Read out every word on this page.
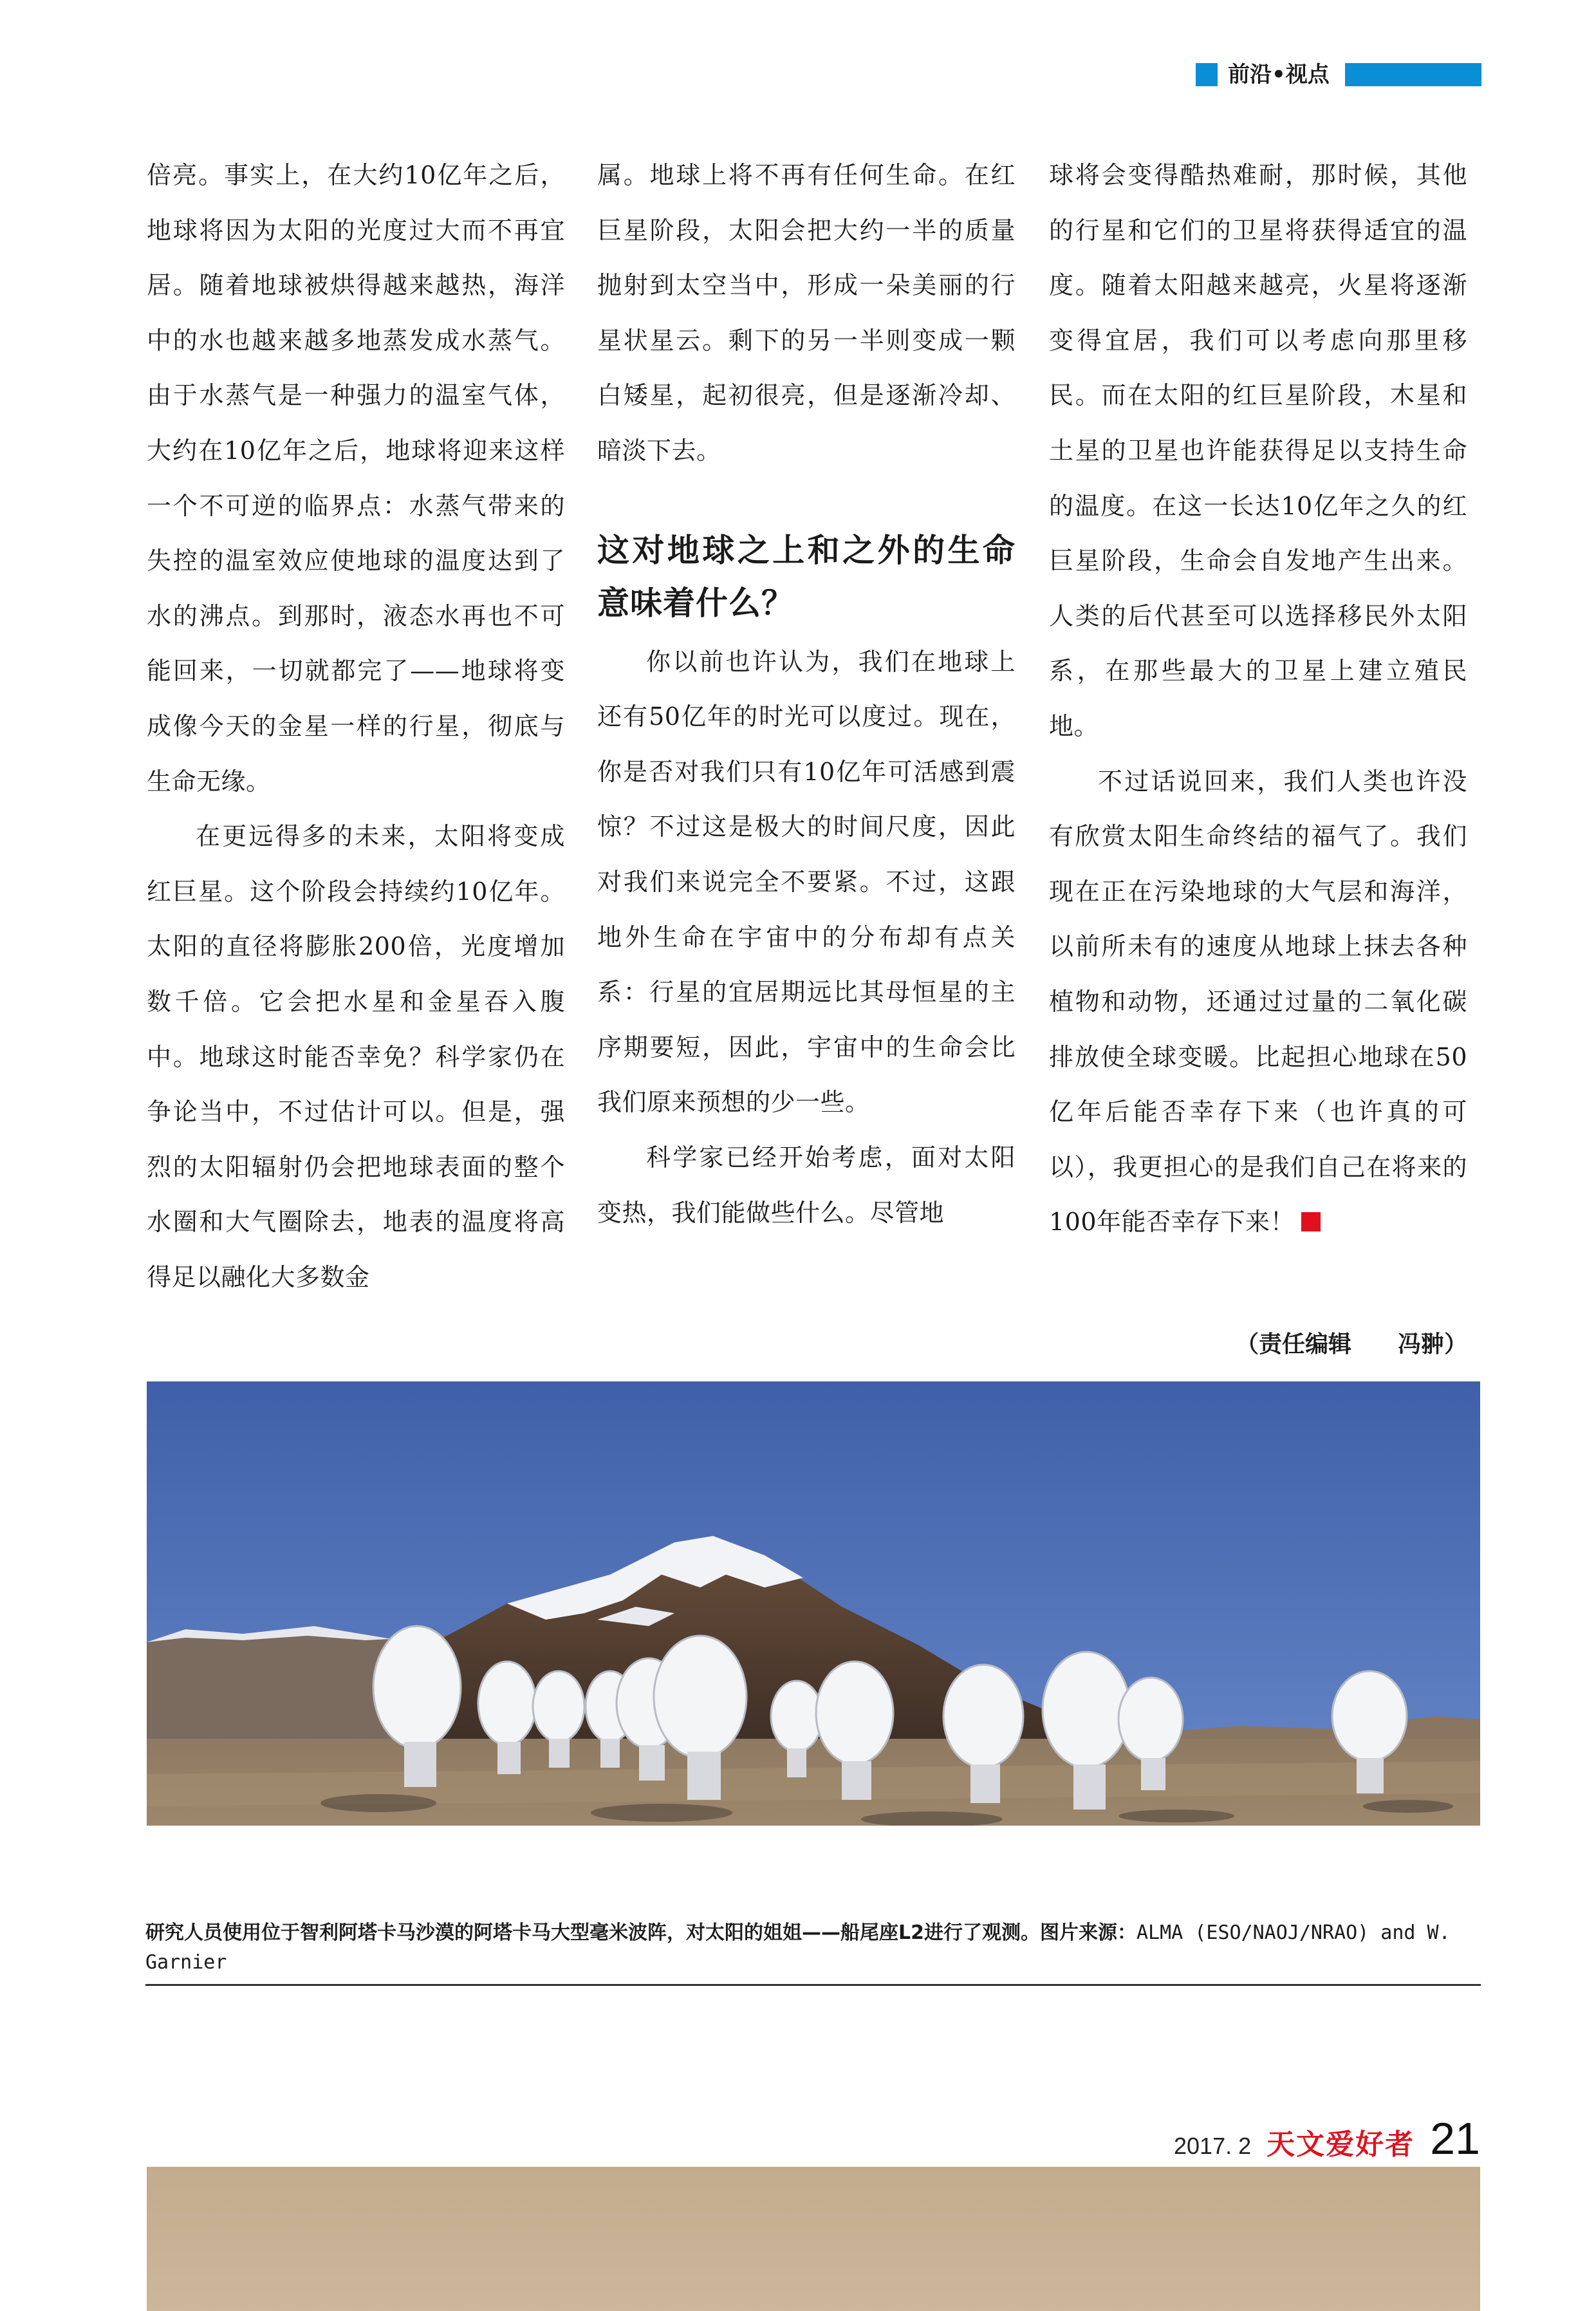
前沿•视点

倍亮。事实上，在大约10亿年之后，地球将因为太阳的光度过大而不再宜居。随着地球被烘得越来越热，海洋中的水也越来越多地蒸发成水蒸气。由于水蒸气是一种强力的温室气体，大约在10亿年之后，地球将迎来这样一个不可逆的临界点：水蒸气带来的失控的温室效应使地球的温度达到了水的沸点。到那时，液态水再也不可能回来，一切就都完了——地球将变成像今天的金星一样的行星，彻底与生命无缘。

在更远得多的未来，太阳将变成红巨星。这个阶段会持续约10亿年。太阳的直径将膨胀200倍，光度增加数千倍。它会把水星和金星吞入腹中。地球这时能否幸免？科学家仍在争论当中，不过估计可以。但是，强烈的太阳辐射仍会把地球表面的整个水圈和大气圈除去，地表的温度将高得足以融化大多数金

属。地球上将不再有任何生命。在红巨星阶段，太阳会把大约一半的质量抛射到太空当中，形成一朵美丽的行星状星云。剩下的另一半则变成一颗白矮星，起初很亮，但是逐渐冷却、暗淡下去。

这对地球之上和之外的生命意味着什么？

你以前也许认为，我们在地球上还有50亿年的时光可以度过。现在，你是否对我们只有10亿年可活感到震惊？不过这是极大的时间尺度，因此对我们来说完全不要紧。不过，这跟地外生命在宇宙中的分布却有点关系：行星的宜居期远比其母恒星的主序期要短，因此，宇宙中的生命会比我们原来预想的少一些。

科学家已经开始考虑，面对太阳变热，我们能做些什么。尽管地

球将会变得酷热难耐，那时候，其他的行星和它们的卫星将获得适宜的温度。随着太阳越来越亮，火星将逐渐变得宜居，我们可以考虑向那里移民。而在太阳的红巨星阶段，木星和土星的卫星也许能获得足以支持生命的温度。在这一长达10亿年之久的红巨星阶段，生命会自发地产生出来。人类的后代甚至可以选择移民外太阳系，在那些最大的卫星上建立殖民地。

不过话说回来，我们人类也许没有欣赏太阳生命终结的福气了。我们现在正在污染地球的大气层和海洋，以前所未有的速度从地球上抹去各种植物和动物，还通过过量的二氧化碳排放使全球变暖。比起担心地球在50亿年后能否幸存下来（也许真的可以），我更担心的是我们自己在将来的100年能否幸存下来！

（责任编辑　　冯翀）
研究人员使用位于智利阿塔卡马沙漠的阿塔卡马大型毫米波阵，对太阳的姐姐——船尾座L2进行了观测。图片来源：ALMA (ESO/NAOJ/NRAO) and W. Garnier
2017. 2 天文爱好者 21
